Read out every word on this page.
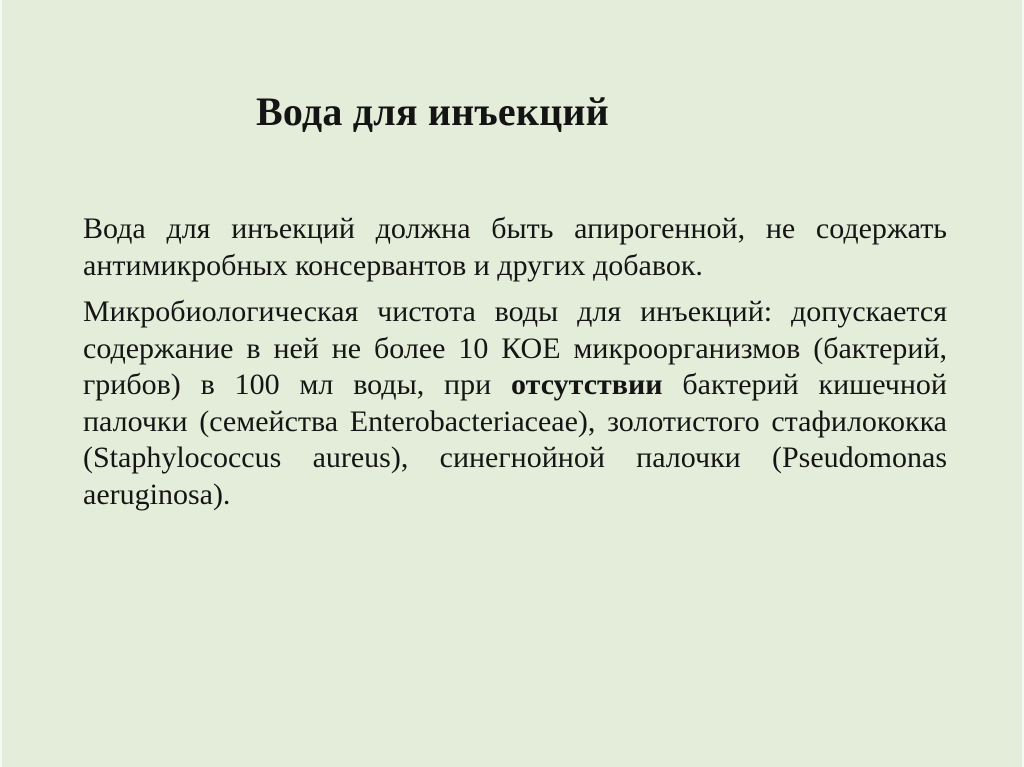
Вода для инъекций

Вода для инъекций должна быть апирогенной, не содержать антимикробных консервантов и других добавок.

Микробиологическая чистота воды для инъекций: допускается содержание в ней не более 10 КОЕ микроорганизмов (бактерий, грибов) в 100 мл воды, при отсутствии бактерий кишечной палочки (семейства Enterobacteriaceae), золотистого стафилококка (Staphylococcus aureus), синегнойной палочки (Pseudomonas aeruginosa).
